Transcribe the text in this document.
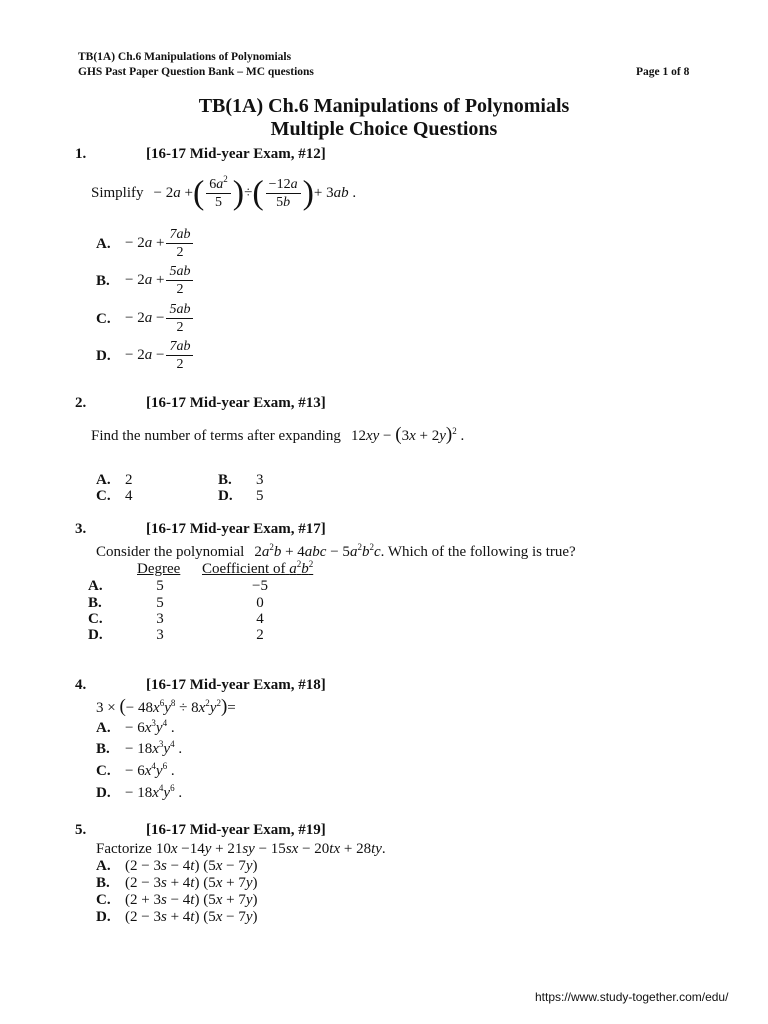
TB(1A) Ch.6 Manipulations of Polynomials
GHS Past Paper Question Bank – MC questions	Page 1 of 8
TB(1A) Ch.6 Manipulations of Polynomials
Multiple Choice Questions
1.	[16-17 Mid-year Exam, #12]
Simplify − 2a +( $\frac{6a^2}{5}$ )÷( $\frac{-12a}{5b}$ )+ 3ab .
A. − $2a + \frac{7ab}{2}$
B. − $2a + \frac{5ab}{2}$
C. − $2a - \frac{5ab}{2}$
D. − $2a - \frac{7ab}{2}$
2.	[16-17 Mid-year Exam, #13]
Find the number of terms after expanding $12xy - (3x + 2y)^2$ .
A. 2	B. 3
C. 4	D. 5
3.	[16-17 Mid-year Exam, #17]
Consider the polynomial $2a^2b + 4abc - 5a^2b^2c$. Which of the following is true?
Degree Coefficient of $a^2b^2$
A.	5	−5
B.	5	0
C.	3	4
D.	3	2
4.	[16-17 Mid-year Exam, #18]
3 × (− $48x^6y^8 \div 8x^2y^2)=$
A. − $6x^3y^4$ .
B. − $18x^3y^4$ .
C. − $6x^4y^6$ .
D. − $18x^4y^6$ .
5.	[16-17 Mid-year Exam, #19]
Factorize 10x −14y + 21sy − 15sx − 20tx + 28ty.
A. (2 − 3s − 4t) (5x − 7y)
B. (2 − 3s + 4t) (5x + 7y)
C. (2 + 3s − 4t) (5x + 7y)
D. (2 − 3s + 4t) (5x − 7y)
https://www.study-together.com/edu/
